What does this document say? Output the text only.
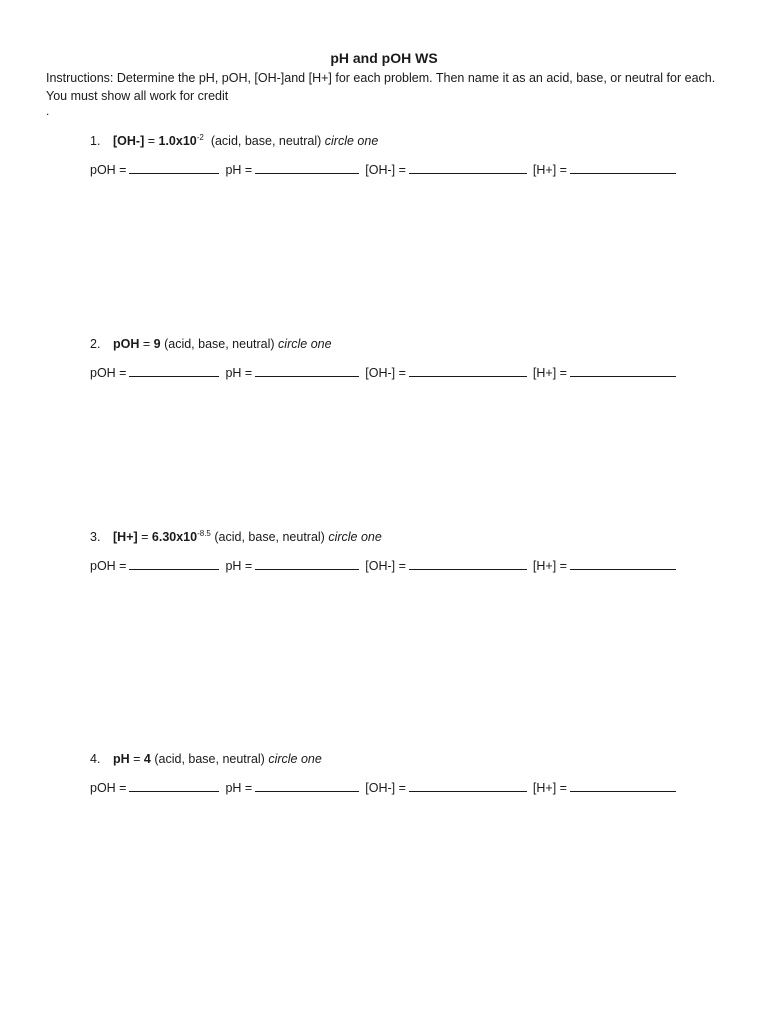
pH and pOH WS
Instructions: Determine the pH, pOH, [OH-]and [H+] for each problem. Then name it as an acid, base, or neutral for each. You must show all work for credit
.
1. $[OH-] = 1.0x10^{-2}$ (acid, base, neutral) circle one
pOH =	pH =	[OH-] =	[H+] =
2. pOH = 9 (acid, base, neutral) circle one
pOH =	pH =	[OH-] =	[H+] =
3. $[H+] = 6.30x10^{-8.5}$ (acid, base, neutral) circle one
pOH =	pH =	[OH-] =	[H+] =
4. pH = 4 (acid, base, neutral) circle one
pOH =	pH =	[OH-] =	[H+] =
